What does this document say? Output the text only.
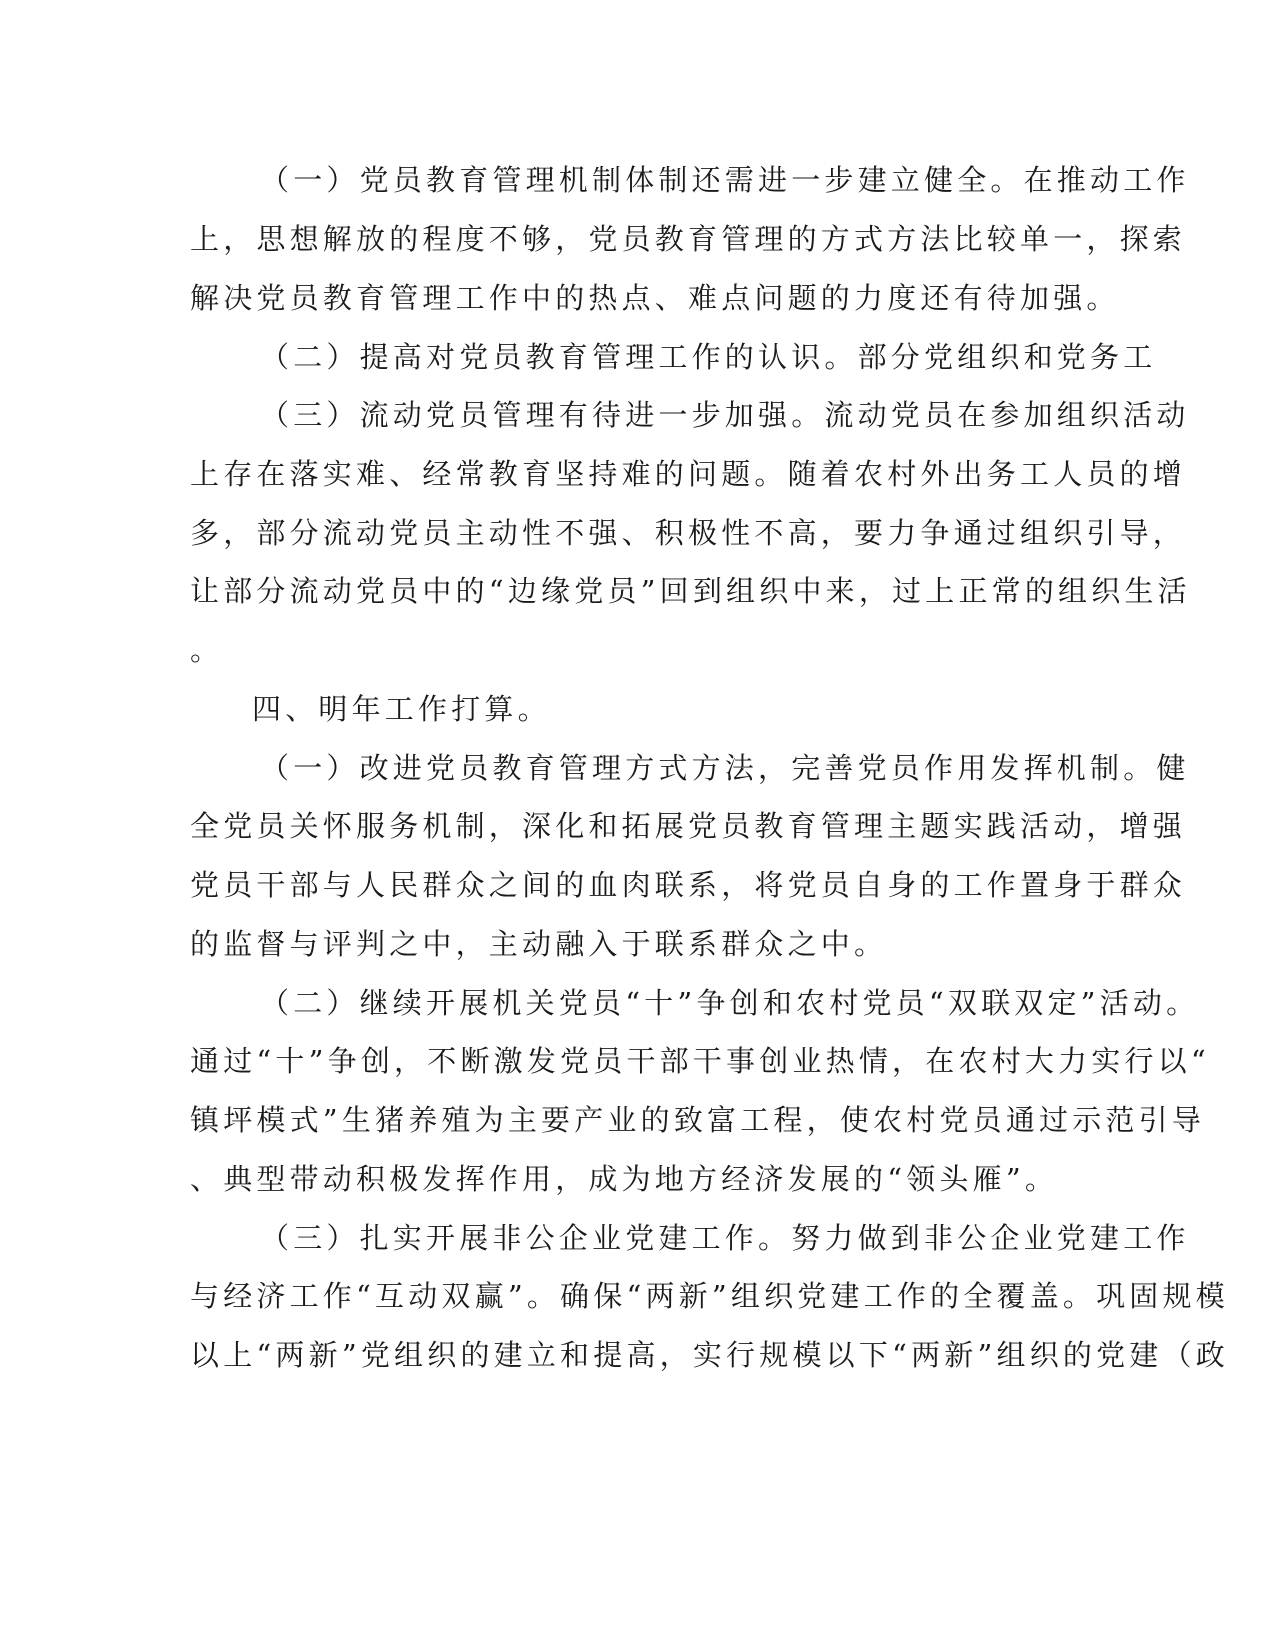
（一）党员教育管理机制体制还需进一步建立健全。在推动工作
上，思想解放的程度不够，党员教育管理的方式方法比较单一，探索
解决党员教育管理工作中的热点、难点问题的力度还有待加强。
（二）提高对党员教育管理工作的认识。部分党组织和党务工
（三）流动党员管理有待进一步加强。流动党员在参加组织活动
上存在落实难、经常教育坚持难的问题。随着农村外出务工人员的增
多，部分流动党员主动性不强、积极性不高，要力争通过组织引导，
让部分流动党员中的“边缘党员”回到组织中来，过上正常的组织生活
。
四、明年工作打算。
（一）改进党员教育管理方式方法，完善党员作用发挥机制。健
全党员关怀服务机制，深化和拓展党员教育管理主题实践活动，增强
党员干部与人民群众之间的血肉联系，将党员自身的工作置身于群众
的监督与评判之中，主动融入于联系群众之中。
（二）继续开展机关党员“十”争创和农村党员“双联双定”活动。
通过“十”争创，不断激发党员干部干事创业热情，在农村大力实行以“
镇坪模式”生猪养殖为主要产业的致富工程，使农村党员通过示范引导
、典型带动积极发挥作用，成为地方经济发展的“领头雁”。
（三）扎实开展非公企业党建工作。努力做到非公企业党建工作
与经济工作“互动双赢”。确保“两新”组织党建工作的全覆盖。巩固规模
以上“两新”党组织的建立和提高，实行规模以下“两新”组织的党建（政
